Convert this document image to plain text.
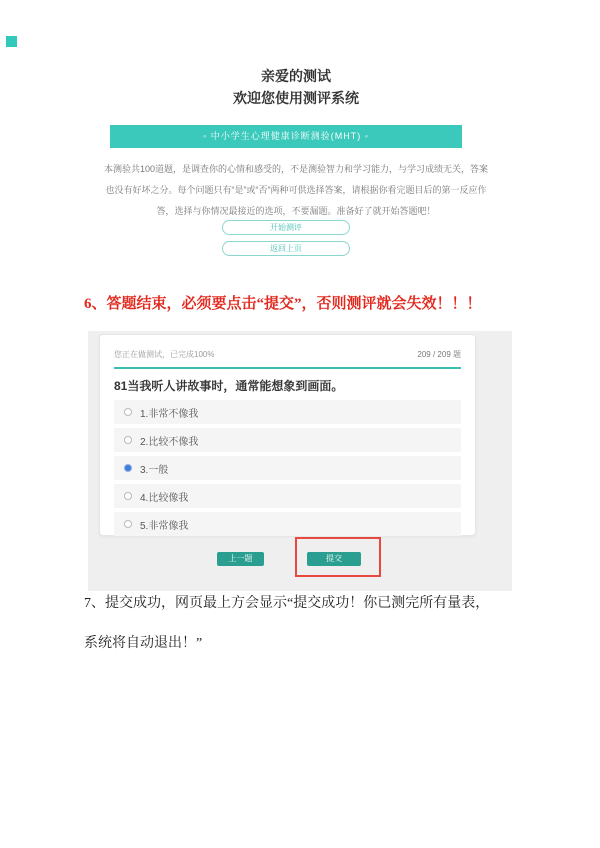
亲爱的测试
欢迎您使用测评系统
◦ 中小学生心理健康诊断测验(MHT) ◦
本测验共100道题，是调查你的心情和感受的，不是测验智力和学习能力，与学习成绩无关，答案也没有好坏之分。每个问题只有“是”或“否”两种可供选择答案，请根据你看完题目后的第一反应作答，选择与你情况最接近的选项，不要漏题。准备好了就开始答题吧！
开始测评
返回上页
6、答题结束，必须要点击“提交”，否则测评就会失效！！！
您正在做测试，已完成100%	209 / 209 题
81当我听人讲故事时，通常能想象到画面。
1.非常不像我
2.比较不像我
3.一般
4.比较像我
5.非常像我
上一题	提交
7、提交成功，网页最上方会显示“提交成功！你已测完所有量表，
系统将自动退出！”
